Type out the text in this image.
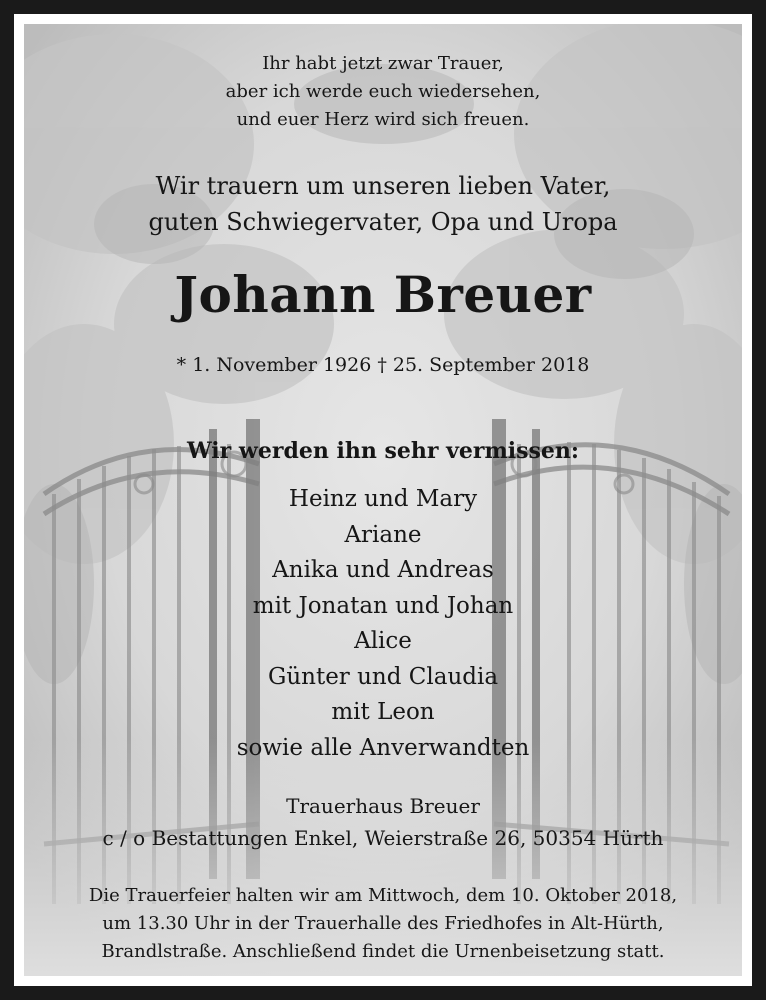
Ihr habt jetzt zwar Trauer,
aber ich werde euch wiedersehen,
und euer Herz wird sich freuen.
Wir trauern um unseren lieben Vater,
guten Schwiegervater, Opa und Uropa
Johann Breuer
* 1. November 1926 † 25. September 2018
Wir werden ihn sehr vermissen:
Heinz und Mary
Ariane
Anika und Andreas
mit Jonatan und Johan
Alice
Günter und Claudia
mit Leon
sowie alle Anverwandten
Trauerhaus Breuer
c / o Bestattungen Enkel, Weierstraße 26, 50354 Hürth
Die Trauerfeier halten wir am Mittwoch, dem 10. Oktober 2018,
um 13.30 Uhr in der Trauerhalle des Friedhofes in Alt-Hürth,
Brandlstraße. Anschließend findet die Urnenbeisetzung statt.
